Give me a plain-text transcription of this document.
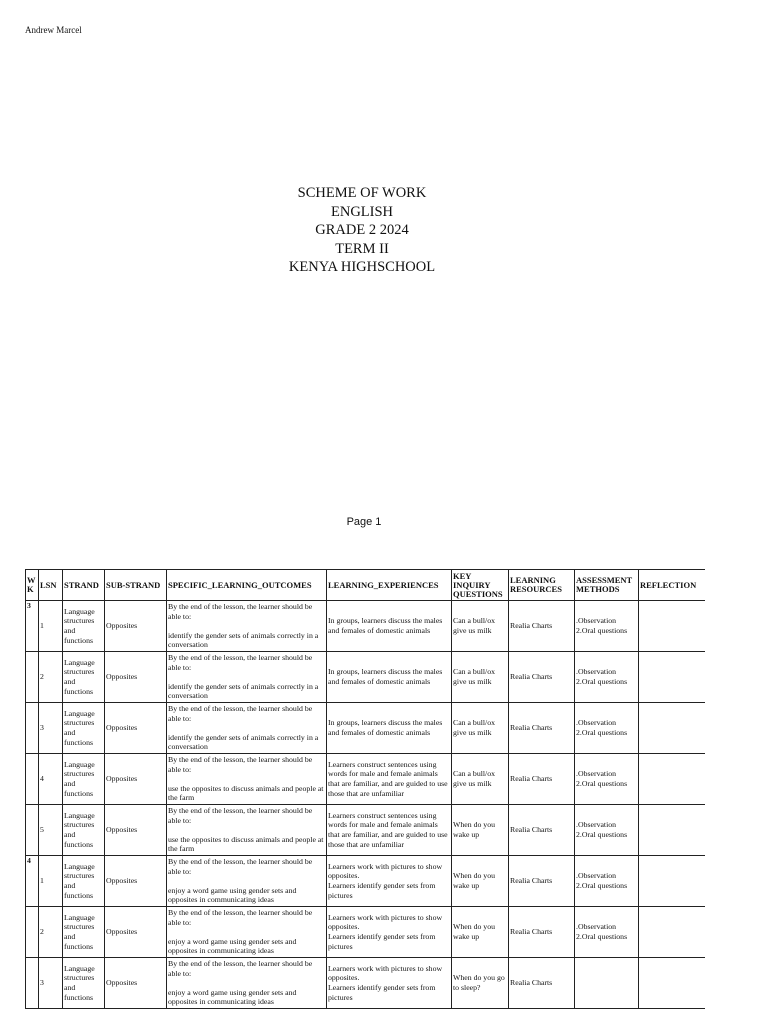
Andrew Marcel
SCHEME OF WORK
ENGLISH
GRADE 2 2024
TERM II
KENYA HIGHSCHOOL
Page 1
WK	LSN	STRAND	SUB-STRAND	SPECIFIC_LEARNING_OUTCOMES	LEARNING_EXPERIENCES	KEY INQUIRY QUESTIONS	LEARNING RESOURCES	ASSESSMENT METHODS	REFLECTION
3	1	Language structures and functions	Opposites	By the end of the lesson, the learner should be able to:

identify the gender sets of animals correctly in a conversation	In groups, learners discuss the males and females of domestic animals	Can a bull/ox give us milk	Realia Charts	.Observation
2.Oral questions	
	2	Language structures and functions	Opposites	By the end of the lesson, the learner should be able to:

identify the gender sets of animals correctly in a conversation	In groups, learners discuss the males and females of domestic animals	Can a bull/ox give us milk	Realia Charts	.Observation
2.Oral questions	
	3	Language structures and functions	Opposites	By the end of the lesson, the learner should be able to:

identify the gender sets of animals correctly in a conversation	In groups, learners discuss the males and females of domestic animals	Can a bull/ox give us milk	Realia Charts	.Observation
2.Oral questions	
	4	Language structures and functions	Opposites	By the end of the lesson, the learner should be able to:

use the opposites to discuss animals and people at the farm	Learners construct sentences using words for male and female animals that are familiar, and are guided to use those that are unfamiliar	Can a bull/ox give us milk	Realia Charts	.Observation
2.Oral questions	
	5	Language structures and functions	Opposites	By the end of the lesson, the learner should be able to:

use the opposites to discuss animals and people at the farm	Learners construct sentences using words for male and female animals that are familiar, and are guided to use those that are unfamiliar	When do you wake up	Realia Charts	.Observation
2.Oral questions	
4	1	Language structures and functions	Opposites	By the end of the lesson, the learner should be able to:

enjoy a word game using gender sets and opposites in communicating ideas	Learners work with pictures to show opposites.
Learners identify gender sets from pictures	When do you wake up	Realia Charts	.Observation
2.Oral questions	
	2	Language structures and functions	Opposites	By the end of the lesson, the learner should be able to:

enjoy a word game using gender sets and opposites in communicating ideas	Learners work with pictures to show opposites.
Learners identify gender sets from pictures	When do you wake up	Realia Charts	.Observation
2.Oral questions	
	3	Language structures and functions	Opposites	By the end of the lesson, the learner should be able to:

enjoy a word game using gender sets and opposites in communicating ideas	Learners work with pictures to show opposites.
Learners identify gender sets from pictures	When do you go to sleep?	Realia Charts		
